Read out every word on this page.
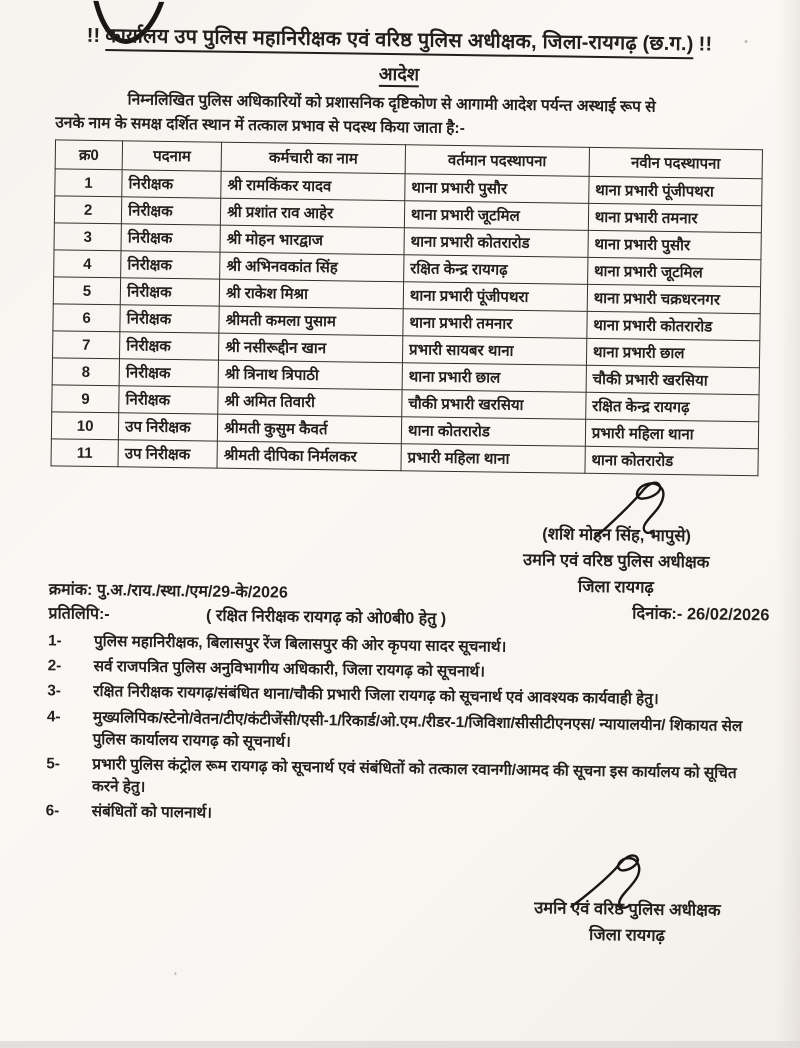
!! कार्यालय उप पुलिस महानिरीक्षक एवं वरिष्ठ पुलिस अधीक्षक, जिला-रायगढ़ (छ.ग.) !!
आदेश
निम्नलिखित पुलिस अधिकारियों को प्रशासनिक दृष्टिकोण से आगामी आदेश पर्यन्त अस्थाई रूप से
उनके नाम के समक्ष दर्शित स्थान में तत्काल प्रभाव से पदस्थ किया जाता है:-
क्र0	पदनाम	कर्मचारी का नाम	वर्तमान पदस्थापना	नवीन पदस्थापना
1	निरीक्षक	श्री रामकिंकर यादव	थाना प्रभारी पुसौर	थाना प्रभारी पूंजीपथरा
2	निरीक्षक	श्री प्रशांत राव आहेर	थाना प्रभारी जूटमिल	थाना प्रभारी तमनार
3	निरीक्षक	श्री मोहन भारद्वाज	थाना प्रभारी कोतरारोड	थाना प्रभारी पुसौर
4	निरीक्षक	श्री अभिनवकांत सिंह	रक्षित केन्द्र रायगढ़	थाना प्रभारी जूटमिल
5	निरीक्षक	श्री राकेश मिश्रा	थाना प्रभारी पूंजीपथरा	थाना प्रभारी चक्रधरनगर
6	निरीक्षक	श्रीमती कमला पुसाम	थाना प्रभारी तमनार	थाना प्रभारी कोतरारोड
7	निरीक्षक	श्री नसीरूद्दीन खान	प्रभारी सायबर थाना	थाना प्रभारी छाल
8	निरीक्षक	श्री त्रिनाथ त्रिपाठी	थाना प्रभारी छाल	चौकी प्रभारी खरसिया
9	निरीक्षक	श्री अमित तिवारी	चौकी प्रभारी खरसिया	रक्षित केन्द्र रायगढ़
10	उप निरीक्षक	श्रीमती कुसुम कैवर्त	थाना कोतरारोड	प्रभारी महिला थाना
11	उप निरीक्षक	श्रीमती दीपिका निर्मलकर	प्रभारी महिला थाना	थाना कोतरारोड
(शशि मोहन सिंह, भापुसे)
उमनि एवं वरिष्ठ पुलिस अधीक्षक
जिला रायगढ़
दिनांक:- 26/02/2026
क्रमांक: पु.अ./राय./स्था./एम/29-के/2026
प्रतिलिपि:-	( रक्षित निरीक्षक रायगढ़ को ओ0बी0 हेतु )
1-	पुलिस महानिरीक्षक, बिलासपुर रेंज बिलासपुर की ओर कृपया सादर सूचनार्थ।
2-	सर्व राजपत्रित पुलिस अनुविभागीय अधिकारी, जिला रायगढ़ को सूचनार्थ।
3-	रक्षित निरीक्षक रायगढ़/संबंधित थाना/चौकी प्रभारी जिला रायगढ़ को सूचनार्थ एवं आवश्यक कार्यवाही हेतु।
4-	मुख्यलिपिक/स्टेनो/वेतन/टीए/कंटीजेंसी/एसी-1/रिकार्ड/ओ.एम./रीडर-1/जिविशा/सीसीटीएनएस/ न्यायालयीन/ शिकायत सेल पुलिस कार्यालय रायगढ़ को सूचनार्थ।
5-	प्रभारी पुलिस कंट्रोल रूम रायगढ़ को सूचनार्थ एवं संबंधितों को तत्काल रवानगी/आमद की सूचना इस कार्यालय को सूचित करने हेतु।
6-	संबंधितों को पालनार्थ।
उमनि एवं वरिष्ठ पुलिस अधीक्षक
जिला रायगढ़
